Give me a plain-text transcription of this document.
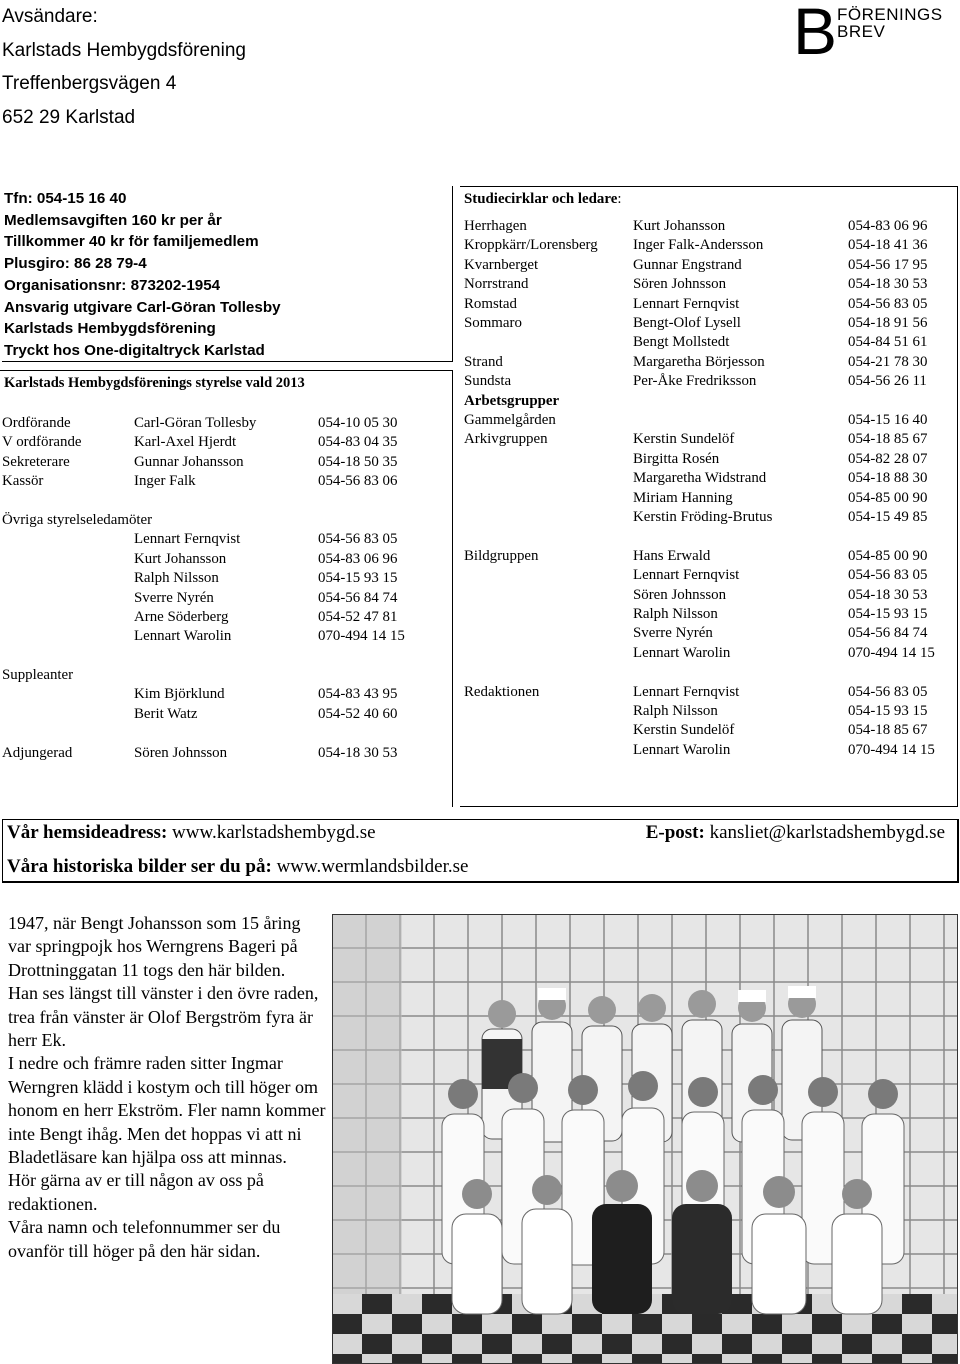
Avsändare:
Karlstads Hembygdsförening
Treffenbergsvägen 4
652 29 Karlstad
B FÖRENINGS
BREV
Tfn: 054-15 16 40
Medlemsavgiften 160 kr per år
Tillkommer 40 kr för familjemedlem
Plusgiro: 86 28 79-4
Organisationsnr: 873202-1954
Ansvarig utgivare Carl-Göran Tollesby
Karlstads Hembygdsförening
Tryckt hos One-digitaltryck Karlstad
Karlstads Hembygdsförenings styrelse vald 2013
Ordförande	Carl-Göran Tollesby	054-10 05 30
V ordförande	Karl-Axel Hjerdt	054-83 04 35
Sekreterare	Gunnar Johansson	054-18 50 35
Kassör	Inger Falk	054-56 83 06
Övriga styrelseledamöter
Lennart Fernqvist	054-56 83 05
Kurt Johansson	054-83 06 96
Ralph Nilsson	054-15 93 15
Sverre Nyrén	054-56 84 74
Arne Söderberg	054-52 47 81
Lennart Warolin	070-494 14 15
Suppleanter
Kim Björklund	054-83 43 95
Berit Watz	054-52 40 60
Adjungerad	Sören Johnsson	054-18 30 53
Studiecirklar och ledare:
Herrhagen	Kurt Johansson	054-83 06 96
Kroppkärr/Lorensberg Inger Falk-Andersson	054-18 41 36
Kvarnberget	Gunnar Engstrand	054-56 17 95
Norrstrand	Sören Johnsson	054-18 30 53
Romstad	Lennart Fernqvist	054-56 83 05
Sommaro	Bengt-Olof Lysell	054-18 91 56
Bengt Mollstedt	054-84 51 61
Strand	Margaretha Börjesson	054-21 78 30
Sundsta	Per-Åke Fredriksson	054-56 26 11
Arbetsgrupper
Gammelgården	054-15 16 40
Arkivgruppen	Kerstin Sundelöf	054-18 85 67
Birgitta Rosén	054-82 28 07
Margaretha Widstrand	054-18 88 30
Miriam Hanning	054-85 00 90
Kerstin Fröding-Brutus	054-15 49 85
Bildgruppen	Hans Erwald	054-85 00 90
Lennart Fernqvist	054-56 83 05
Sören Johnsson	054-18 30 53
Ralph Nilsson	054-15 93 15
Sverre Nyrén	054-56 84 74
Lennart Warolin	070-494 14 15
Redaktionen	Lennart Fernqvist	054-56 83 05
Ralph Nilsson	054-15 93 15
Kerstin Sundelöf	054-18 85 67
Lennart Warolin	070-494 14 15
Vår hemsideadress: www.karlstadshembygd.se	E-post: kansliet@karlstadshembygd.se
Våra historiska bilder ser du på: www.wermlandsbilder.se

1947, när Bengt Johansson som 15 åring var springpojk hos Werngrens Bageri på Drottninggatan 11 togs den här bilden.

Han ses längst till vänster i den övre raden, trea från vänster är Olof Bergström fyra är herr Ek.

I nedre och främre raden sitter Ingmar Werngren klädd i kostym och till höger om honom en herr Ekström. Fler namn kommer inte Bengt ihåg. Men det hoppas vi att ni Bladetläsare kan hjälpa oss att minnas.

Hör gärna av er till någon av oss på redaktionen.

Våra namn och telefonnummer ser du ovanför till höger på den här sidan.
